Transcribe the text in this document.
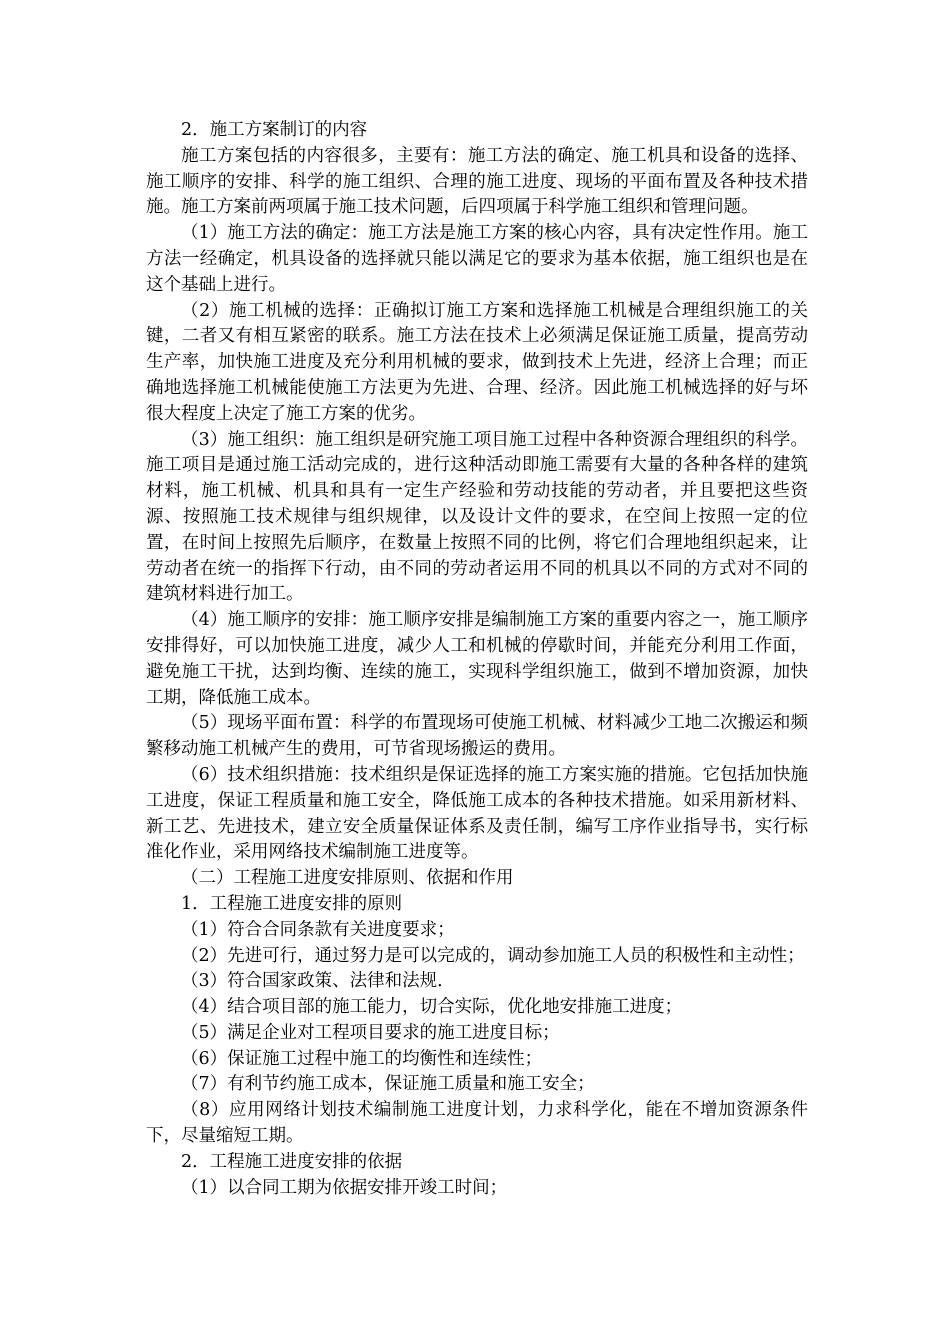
2．施工方案制订的内容

施工方案包括的内容很多，主要有：施工方法的确定、施工机具和设备的选择、施工顺序的安排、科学的施工组织、合理的施工进度、现场的平面布置及各种技术措施。施工方案前两项属于施工技术问题，后四项属于科学施工组织和管理问题。

（1）施工方法的确定：施工方法是施工方案的核心内容，具有决定性作用。施工方法一经确定，机具设备的选择就只能以满足它的要求为基本依据，施工组织也是在这个基础上进行。

（2）施工机械的选择：正确拟订施工方案和选择施工机械是合理组织施工的关键，二者又有相互紧密的联系。施工方法在技术上必须满足保证施工质量，提高劳动生产率，加快施工进度及充分利用机械的要求，做到技术上先进，经济上合理；而正确地选择施工机械能使施工方法更为先进、合理、经济。因此施工机械选择的好与坏很大程度上决定了施工方案的优劣。

（3）施工组织：施工组织是研究施工项目施工过程中各种资源合理组织的科学。施工项目是通过施工活动完成的，进行这种活动即施工需要有大量的各种各样的建筑材料，施工机械、机具和具有一定生产经验和劳动技能的劳动者，并且要把这些资源、按照施工技术规律与组织规律，以及设计文件的要求，在空间上按照一定的位置，在时间上按照先后顺序，在数量上按照不同的比例，将它们合理地组织起来，让劳动者在统一的指挥下行动，由不同的劳动者运用不同的机具以不同的方式对不同的建筑材料进行加工。

（4）施工顺序的安排：施工顺序安排是编制施工方案的重要内容之一，施工顺序安排得好，可以加快施工进度，减少人工和机械的停歇时间，并能充分利用工作面，避免施工干扰，达到均衡、连续的施工，实现科学组织施工，做到不增加资源，加快工期，降低施工成本。

（5）现场平面布置：科学的布置现场可使施工机械、材料减少工地二次搬运和频繁移动施工机械产生的费用，可节省现场搬运的费用。

（6）技术组织措施：技术组织是保证选择的施工方案实施的措施。它包括加快施工进度，保证工程质量和施工安全，降低施工成本的各种技术措施。如采用新材料、新工艺、先进技术，建立安全质量保证体系及责任制，编写工序作业指导书，实行标准化作业，采用网络技术编制施工进度等。

（二）工程施工进度安排原则、依据和作用

1．工程施工进度安排的原则

（1）符合合同条款有关进度要求；

（2）先进可行，通过努力是可以完成的，调动参加施工人员的积极性和主动性；

（3）符合国家政策、法律和法规．

（4）结合项目部的施工能力，切合实际，优化地安排施工进度；

（5）满足企业对工程项目要求的施工进度目标；

（6）保证施工过程中施工的均衡性和连续性；

（7）有利节约施工成本，保证施工质量和施工安全；

（8）应用网络计划技术编制施工进度计划，力求科学化，能在不增加资源条件下，尽量缩短工期。

2．工程施工进度安排的依据

（1）以合同工期为依据安排开竣工时间；
